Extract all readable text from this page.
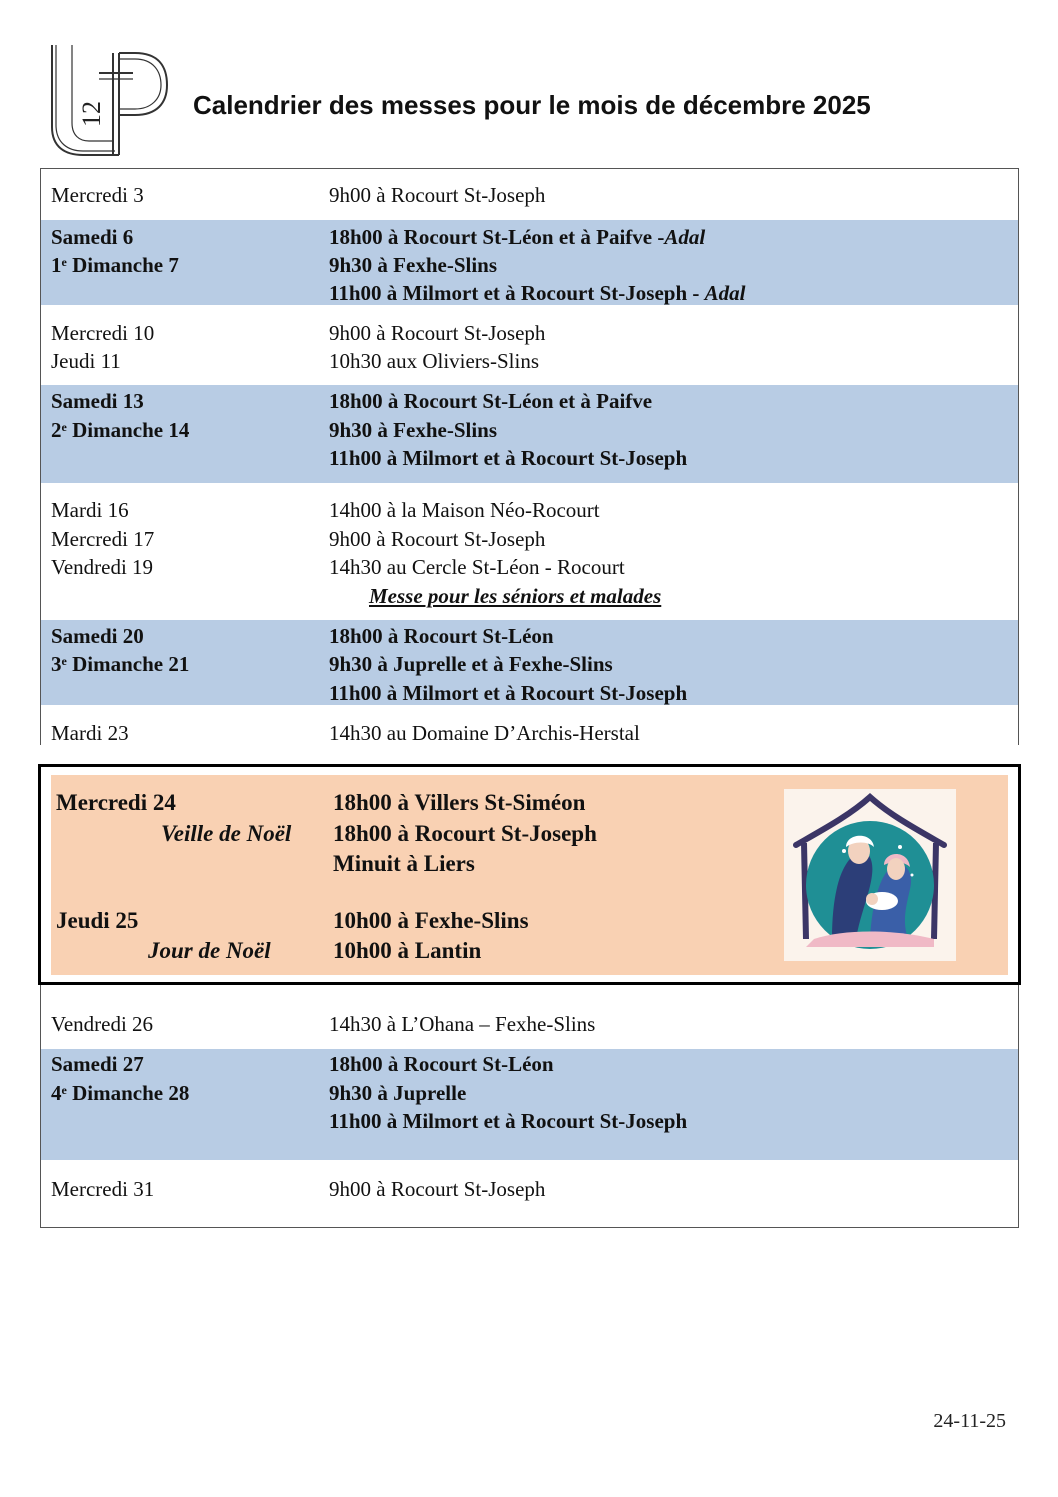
12	Calendrier des messes pour le mois de décembre 2025
Mercredi 3	9h00 à Rocourt St-Joseph
Samedi 6	18h00 à Rocourt St-Léon et à Paifve -Adal
1e Dimanche 7	9h30 à Fexhe-Slins
11h00 à Milmort et à Rocourt St-Joseph - Adal
Mercredi 10	9h00 à Rocourt St-Joseph
Jeudi 11	10h30 aux Oliviers-Slins
Samedi 13	18h00 à Rocourt St-Léon et à Paifve
2e Dimanche 14	9h30 à Fexhe-Slins
11h00 à Milmort et à Rocourt St-Joseph
Mardi 16	14h00 à la Maison Néo-Rocourt
Mercredi 17	9h00 à Rocourt St-Joseph
Vendredi 19	14h30 au Cercle St-Léon - Rocourt
Messe pour les séniors et malades
Samedi 20	18h00 à Rocourt St-Léon
3e Dimanche 21	9h30 à Juprelle et à Fexhe-Slins
11h00 à Milmort et à Rocourt St-Joseph
Mardi 23	14h30 au Domaine D’Archis-Herstal
Mercredi 24	18h00 à Villers St-Siméon
Veille de Noël 18h00 à Rocourt St-Joseph
Minuit à Liers
Jeudi 25	10h00 à Fexhe-Slins
Jour de Noël	10h00 à Lantin
Vendredi 26	14h30 à L’Ohana – Fexhe-Slins
Samedi 27	18h00 à Rocourt St-Léon
4e Dimanche 28	9h30 à Juprelle
11h00 à Milmort et à Rocourt St-Joseph
Mercredi 31	9h00 à Rocourt St-Joseph
24-11-25
